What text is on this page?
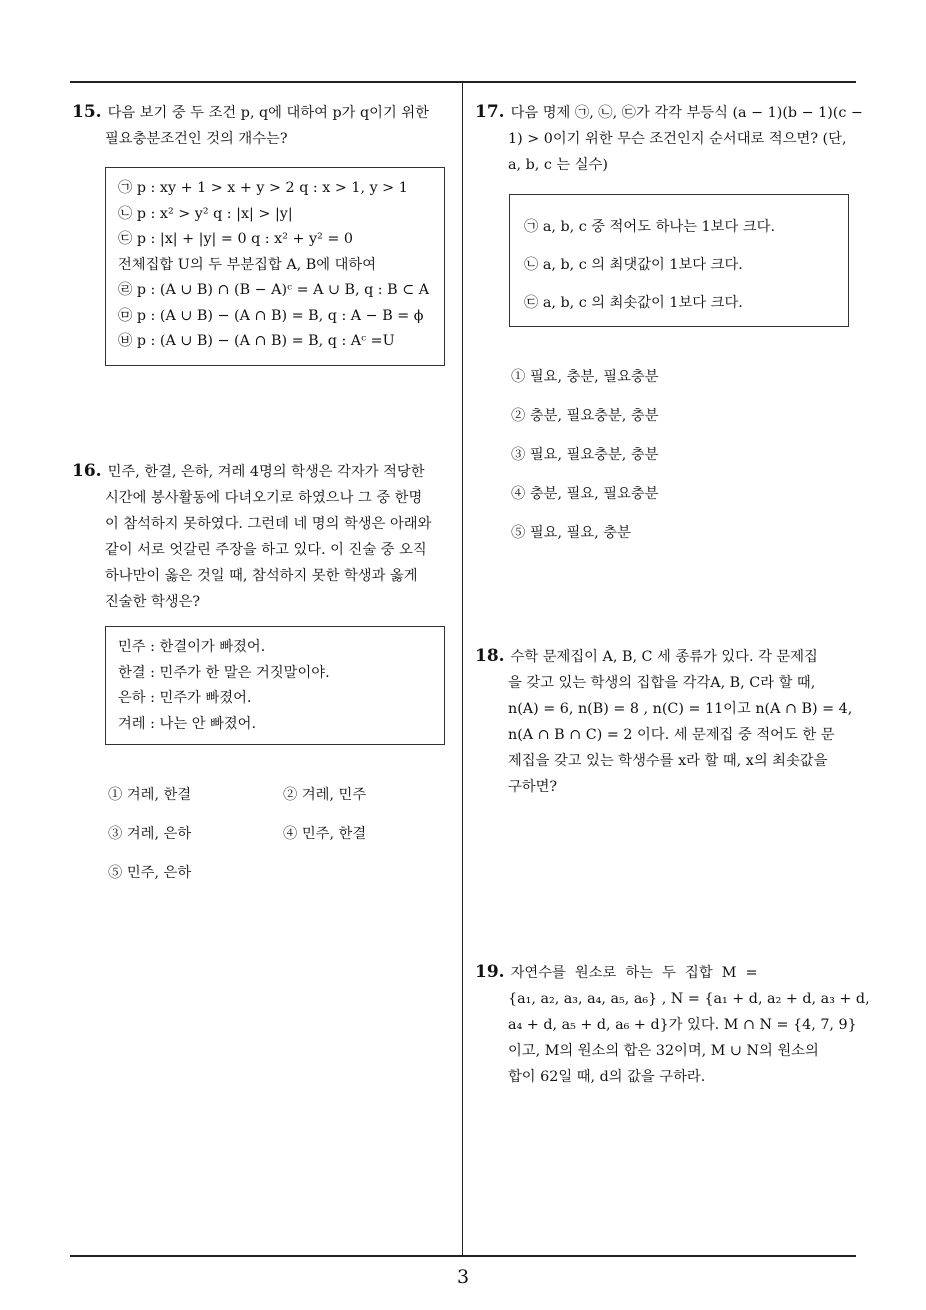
15. 다음 보기 중 두 조건 p, q에 대하여 p가 q이기 위한
필요충분조건인 것의 개수는?
㉠ p : xy + 1 > x + y > 2 q : x > 1, y > 1
㉡ p : x² > y² q : |x| > |y|
㉢ p : |x| + |y| = 0 q : x² + y² = 0
전체집합 U의 두 부분집합 A, B에 대하여
㉣ p : (A ∪ B) ∩ (B − A)ᶜ = A ∪ B, q : B ⊂ A
㉤ p : (A ∪ B) − (A ∩ B) = B, q : A − B = ϕ
㉥ p : (A ∪ B) − (A ∩ B) = B, q : Aᶜ =U
16. 민주, 한결, 은하, 겨레 4명의 학생은 각자가 적당한
시간에 봉사활동에 다녀오기로 하였으나 그 중 한명
이 참석하지 못하였다. 그런데 네 명의 학생은 아래와
같이 서로 엇갈린 주장을 하고 있다. 이 진술 중 오직
하나만이 옳은 것일 때, 참석하지 못한 학생과 옳게
진술한 학생은?
민주 : 한결이가 빠졌어.
한결 : 민주가 한 말은 거짓말이야.
은하 : 민주가 빠졌어.
겨레 : 나는 안 빠졌어.
① 겨레, 한결	② 겨레, 민주
③ 겨레, 은하	④ 민주, 한결
⑤ 민주, 은하
17. 다음 명제 ㉠, ㉡, ㉢가 각각 부등식 (a − 1)(b − 1)(c −
1) > 0이기 위한 무슨 조건인지 순서대로 적으면? (단,
a, b, c 는 실수)
㉠ a, b, c 중 적어도 하나는 1보다 크다.
㉡ a, b, c 의 최댓값이 1보다 크다.
㉢ a, b, c 의 최솟값이 1보다 크다.
① 필요, 충분, 필요충분
② 충분, 필요충분, 충분
③ 필요, 필요충분, 충분
④ 충분, 필요, 필요충분
⑤ 필요, 필요, 충분
18. 수학 문제집이 A, B, C 세 종류가 있다. 각 문제집
을 갖고 있는 학생의 집합을 각각A, B, C라 할 때,
n(A) = 6, n(B) = 8 , n(C) = 11이고 n(A ∩ B) = 4,
n(A ∩ B ∩ C) = 2 이다. 세 문제집 중 적어도 한 문
제집을 갖고 있는 학생수를 x라 할 때, x의 최솟값을
구하면?
19. 자연수를  원소로  하는  두  집합  M  =
{a₁, a₂, a₃, a₄, a₅, a₆} , N = {a₁ + d, a₂ + d, a₃ + d,
a₄ + d, a₅ + d, a₆ + d}가 있다. M ∩ N = {4, 7, 9}
이고, M의 원소의 합은 32이며, M ∪ N의 원소의
합이 62일 때, d의 값을 구하라.
3
